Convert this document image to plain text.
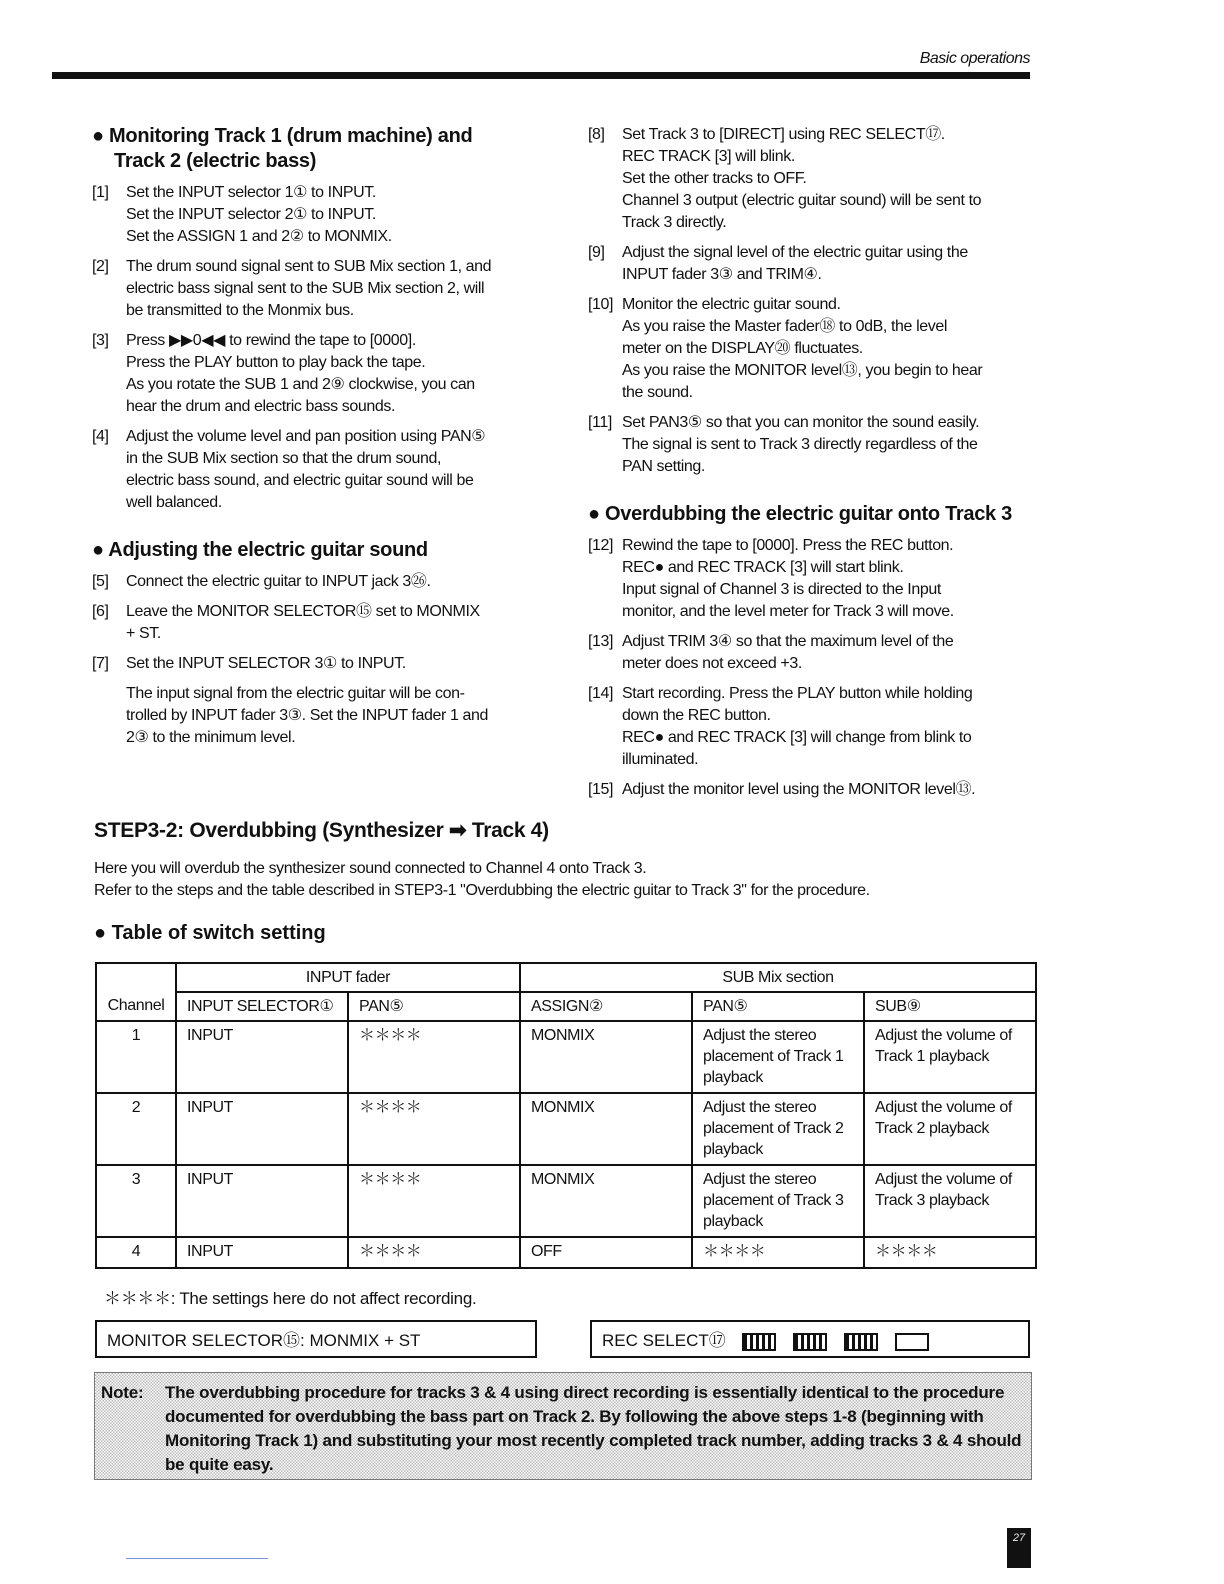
Basic operations
● Monitoring Track 1 (drum machine) and
Track 2 (electric bass)
[1]	Set the INPUT selector 1① to INPUT.
Set the INPUT selector 2① to INPUT.
Set the ASSIGN 1 and 2② to MONMIX.
[2]	The drum sound signal sent to SUB Mix section 1, and
electric bass signal sent to the SUB Mix section 2, will
be transmitted to the Monmix bus.
[3]	Press ▶▶0◀◀ to rewind the tape to [0000].
Press the PLAY button to play back the tape.
As you rotate the SUB 1 and 2⑨ clockwise, you can
hear the drum and electric bass sounds.
[4]	Adjust the volume level and pan position using PAN⑤
in the SUB Mix section so that the drum sound,
electric bass sound, and electric guitar sound will be
well balanced.
● Adjusting the electric guitar sound
[5]	Connect the electric guitar to INPUT jack 3㉖.
[6]	Leave the MONITOR SELECTOR⑮ set to MONMIX
+ ST.
[7]	Set the INPUT SELECTOR 3① to INPUT.
The input signal from the electric guitar will be con-
trolled by INPUT fader 3③. Set the INPUT fader 1 and
2③ to the minimum level.
[8]	Set Track 3 to [DIRECT] using REC SELECT⑰.
REC TRACK [3] will blink.
Set the other tracks to OFF.
Channel 3 output (electric guitar sound) will be sent to
Track 3 directly.
[9]	Adjust the signal level of the electric guitar using the
INPUT fader 3③ and TRIM④.
[10] Monitor the electric guitar sound.
As you raise the Master fader⑱ to 0dB, the level
meter on the DISPLAY⑳ fluctuates.
As you raise the MONITOR level⑬, you begin to hear
the sound.
[11] Set PAN3⑤ so that you can monitor the sound easily.
The signal is sent to Track 3 directly regardless of the
PAN setting.
● Overdubbing the electric guitar onto Track 3
[12] Rewind the tape to [0000]. Press the REC button.
REC● and REC TRACK [3] will start blink.
Input signal of Channel 3 is directed to the Input
monitor, and the level meter for Track 3 will move.
[13] Adjust TRIM 3④ so that the maximum level of the
meter does not exceed +3.
[14] Start recording. Press the PLAY button while holding
down the REC button.
REC● and REC TRACK [3] will change from blink to
illuminated.
[15] Adjust the monitor level using the MONITOR level⑬.
STEP3-2: Overdubbing (Synthesizer ➡ Track 4)
Here you will overdub the synthesizer sound connected to Channel 4 onto Track 3.
Refer to the steps and the table described in STEP3-1 "Overdubbing the electric guitar to Track 3" for the procedure.
● Table of switch setting
	INPUT fader		SUB Mix section		
Channel	INPUT SELECTOR①	PAN⑤	ASSIGN②	PAN⑤	SUB⑨
1	INPUT	＊＊＊＊	MONMIX	Adjust the stereo placement of Track 1 playback	Adjust the volume of Track 1 playback
2	INPUT	＊＊＊＊	MONMIX	Adjust the stereo placement of Track 2 playback	Adjust the volume of Track 2 playback
3	INPUT	＊＊＊＊	MONMIX	Adjust the stereo placement of Track 3 playback	Adjust the volume of Track 3 playback
4	INPUT	＊＊＊＊	OFF	＊＊＊＊	＊＊＊＊
＊＊＊＊: The settings here do not affect recording.
MONITOR SELECTOR⑮: MONMIX + ST	REC SELECT⑰
Note:	The overdubbing procedure for tracks 3 & 4 using direct recording is essentially identical to the procedure documented for overdubbing the bass part on Track 2. By following the above steps 1-8 (beginning with Monitoring Track 1) and substituting your most recently completed track number, adding tracks 3 & 4 should be quite easy.
27
